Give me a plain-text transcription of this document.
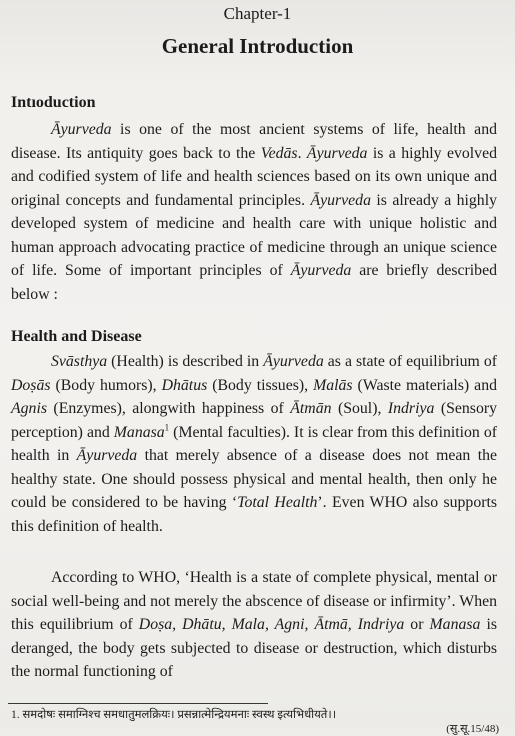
Chapter-1
General Introduction
Intıoduction

Āyurveda is one of the most ancient systems of life, health and disease. Its antiquity goes back to the Vedās. Āyurveda is a highly evolved and codified system of life and health sciences based on its own unique and original concepts and fundamental principles. Āyurveda is already a highly developed system of medicine and health care with unique holistic and human approach advocating practice of medicine through an unique science of life. Some of important principles of Āyurveda are briefly described below :

Health and Disease

Svāsthya (Health) is described in Āyurveda as a state of equilibrium of Doṣās (Body humors), Dhātus (Body tissues), Malās (Waste materials) and Agnis (Enzymes), alongwith happiness of Ātmān (Soul), Indriya (Sensory perception) and Manasa$^1$ (Mental faculties). It is clear from this definition of health in Āyurveda that merely absence of a disease does not mean the healthy state. One should possess physical and mental health, then only he could be considered to be having ‘Total Health’. Even WHO also supports this definition of health.

According to WHO, ‘Health is a state of complete physical, mental or social well-being and not merely the abscence of disease or infirmity’. When this equilibrium of Doṣa, Dhātu, Mala, Agni, Ātmā, Indriya or Manasa is deranged, the body gets subjected to disease or destruction, which disturbs the normal functioning of

1. समदोषः समाग्निश्च समधातुमलक्रियः। प्रसन्नात्मेन्द्रियमनाः स्वस्थ इत्यभिधीयते।।
(सु.सू.15/48)
